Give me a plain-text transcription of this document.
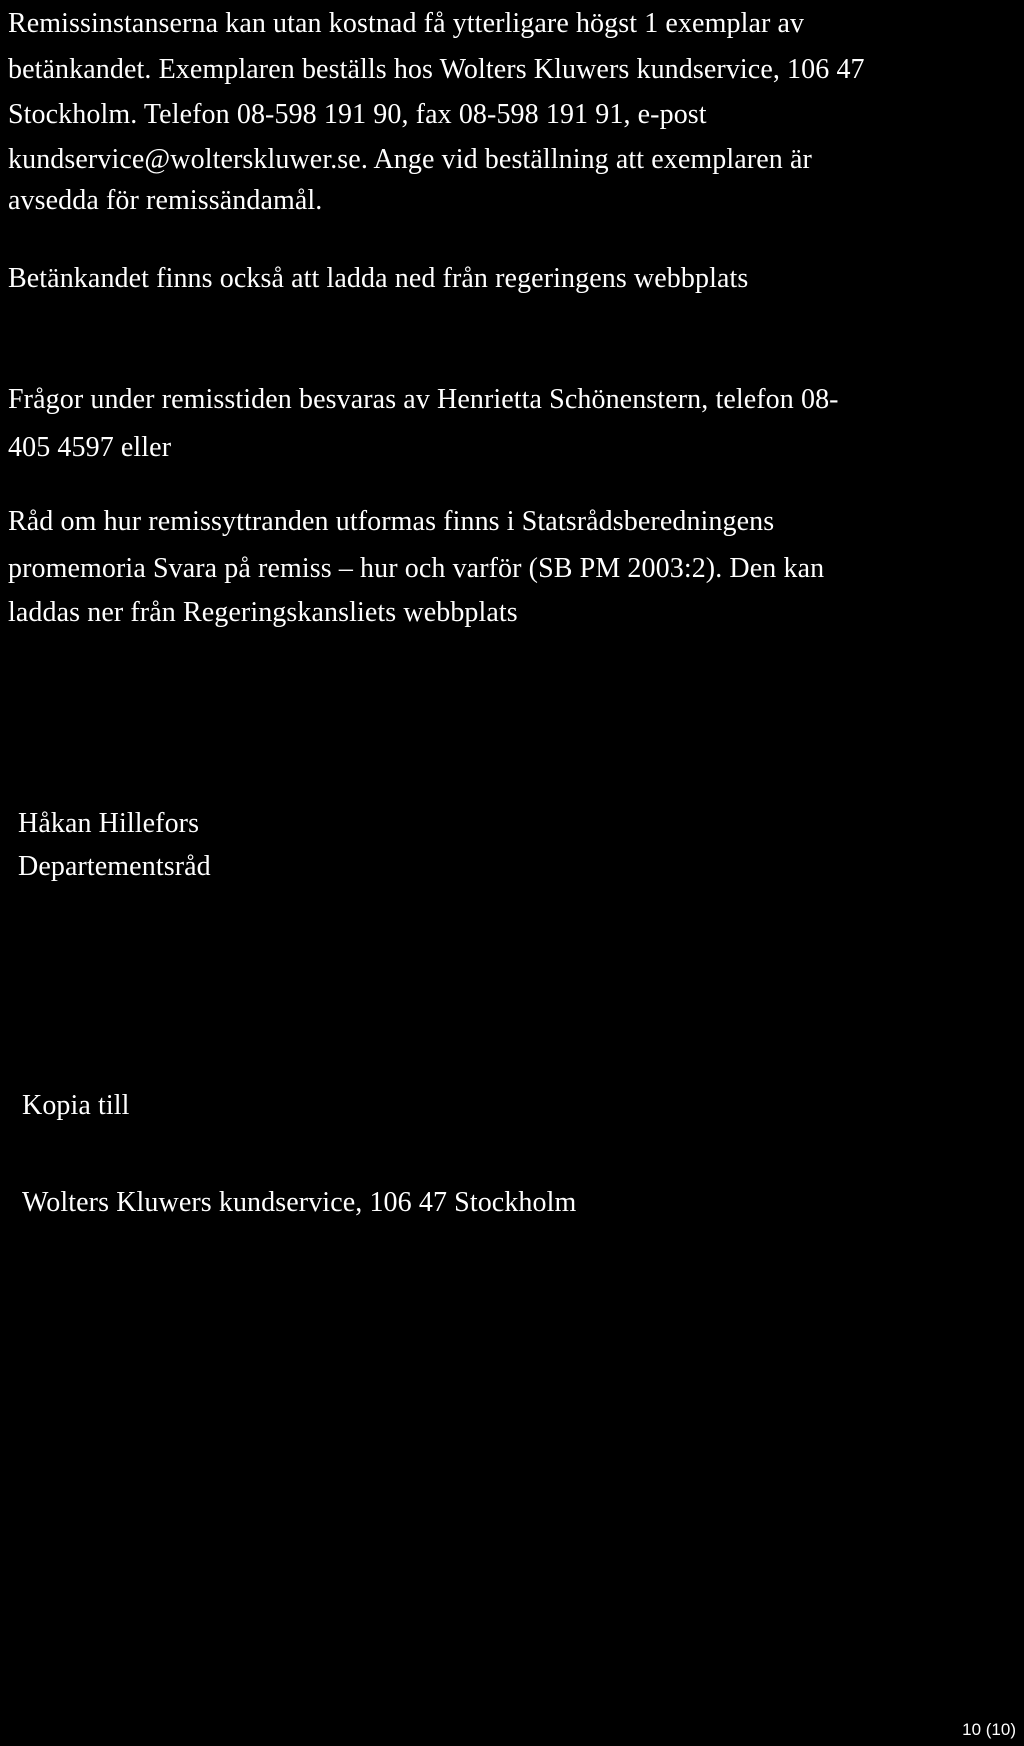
Remissinstanserna kan utan kostnad få ytterligare högst 1 exemplar av
betänkandet. Exemplaren beställs hos Wolters Kluwers kundservice, 106 47
Stockholm. Telefon 08-598 191 90, fax 08-598 191 91, e-post
kundservice@wolterskluwer.se. Ange vid beställning att exemplaren är
avsedda för remissändamål.
Betänkandet finns också att ladda ned från regeringens webbplats
Frågor under remisstiden besvaras av Henrietta Schönenstern, telefon 08-
405 4597 eller
Råd om hur remissyttranden utformas finns i Statsrådsberedningens
promemoria Svara på remiss – hur och varför (SB PM 2003:2). Den kan
laddas ner från Regeringskansliets webbplats
Håkan Hillefors
Departementsråd
Kopia till
Wolters Kluwers kundservice, 106 47 Stockholm
10 (10)
